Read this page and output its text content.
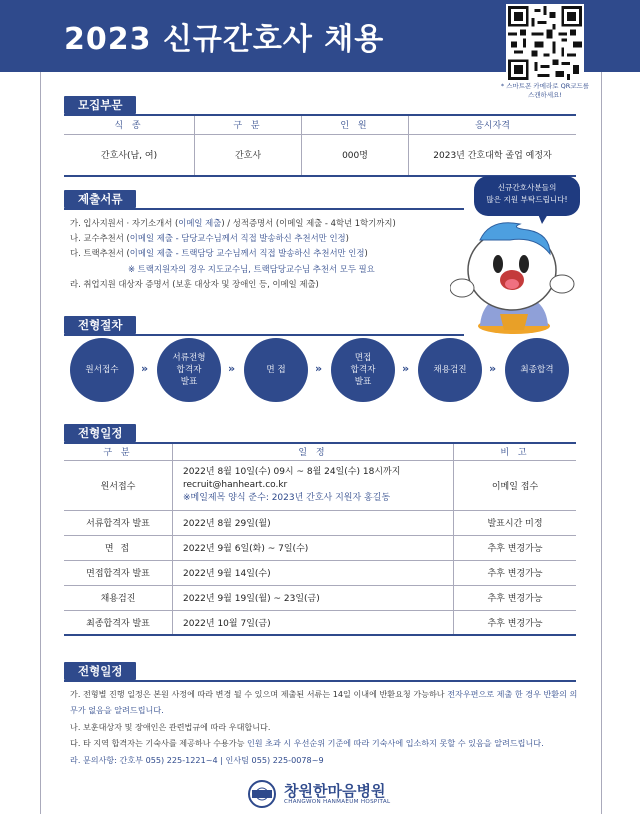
2023 신규간호사 채용
* 스마트폰 카메라로 QR코드를 스캔하세요!
모집부문
식 종	구 분	인 원	응시자격
간호사(남, 여)	간호사	000명	2023년 간호대학 졸업 예정자
제출서류
가. 입사지원서 · 자기소개서 (이메일 제출) / 성적증명서 (이메일 제출 - 4학년 1학기까지)
나. 교수추천서 (이메일 제출 - 담당교수님께서 직접 발송하신 추천서만 인정)
다. 트랙추천서 (이메일 제출 - 트랙담당 교수님께서 직접 발송하신 추천서만 인정)
※ 트랙지원자의 경우 지도교수님, 트랙담당교수님 추천서 모두 필요
라. 취업지원 대상자 증명서 (보훈 대상자 및 장애인 등, 이메일 제출)
신규간호사분들의
많은 지원 부탁드립니다!
전형절차
원서접수 »
서류전형
합격자
발표
»	면 접	»
면접
합격자
발표
»	채용검진 »	최종합격
전형일정
구 분	일 정	비 고
원서접수	2022년 8월 10일(수) 09시 ~ 8월 24일(수) 18시까지
recruit@hanheart.co.kr
※메일제목 양식 준수: 2023년 간호사 지원자 홍길동	이메일 접수
서류합격자 발표	2022년 8월 29일(월)	발표시간 미정
면 접	2022년 9월 6일(화) ~ 7일(수)	추후 변경가능
면접합격자 발표	2022년 9월 14일(수)	추후 변경가능
채용검진	2022년 9월 19일(월) ~ 23일(금)	추후 변경가능
최종합격자 발표	2022년 10월 7일(금)	추후 변경가능
전형일정
가. 전형별 진행 일정은 본원 사정에 따라 변경 될 수 있으며 제출된 서류는 14일 이내에 반환요청 가능하나 전자우편으로 제출 한 경우 반환의 의무가 없음을 알려드립니다.
나. 보훈대상자 및 장애인은 관련법규에 따라 우대합니다.
다. 타 지역 합격자는 기숙사를 제공하나 수용가능 인원 초과 시 우선순위 기준에 따라 기숙사에 입소하지 못할 수 있음을 알려드립니다.
라. 문의사항: 간호부 055) 225-1221~4 | 인사팀 055) 225-0078~9
창원한마음병원
CHANGWON HANMAEUM HOSPITAL
